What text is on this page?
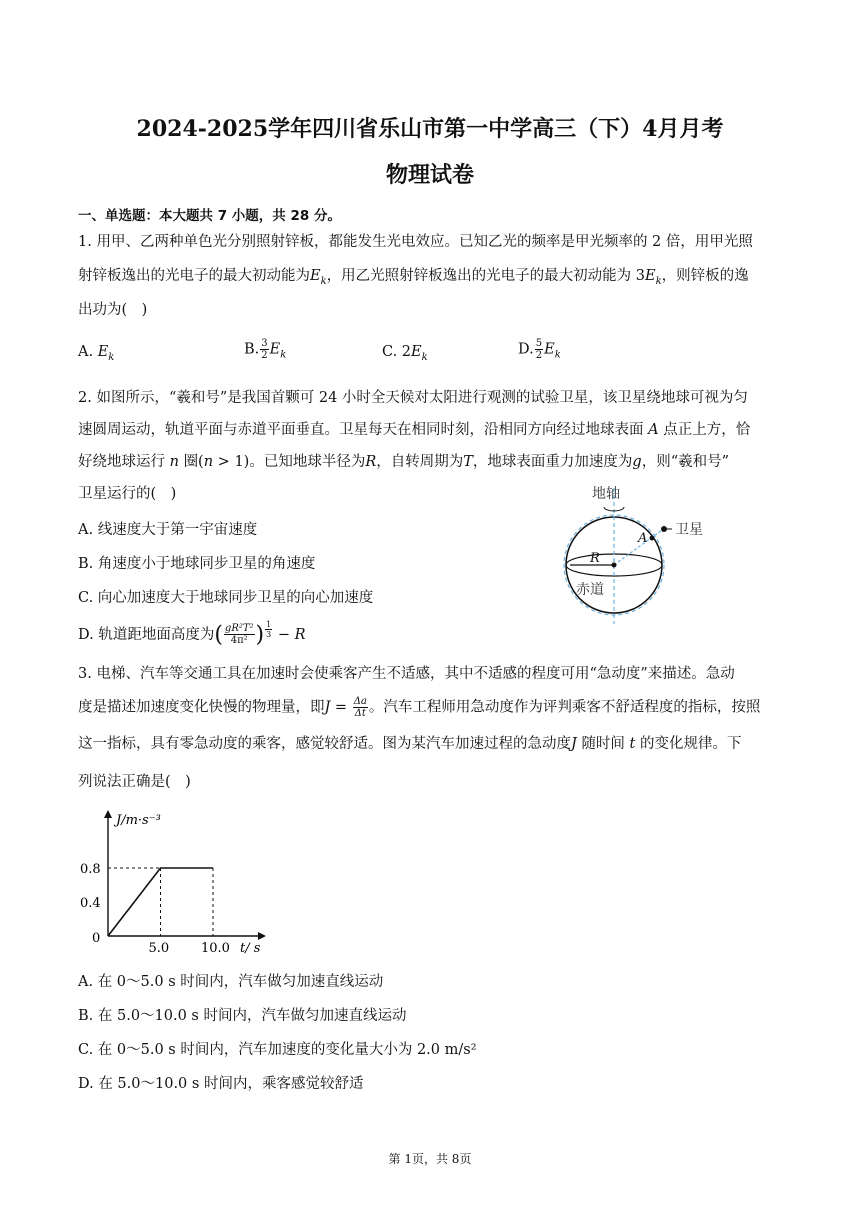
2024-2025学年四川省乐山市第一中学高三（下）4月月考
物理试卷
一、单选题：本大题共 7 小题，共 28 分。
1. 用甲、乙两种单色光分别照射锌板，都能发生光电效应。已知乙光的频率是甲光频率的 2 倍，用甲光照
射锌板逸出的光电子的最大初动能为$E_k$，用乙光照射锌板逸出的光电子的最大初动能为 $3E_k$，则锌板的逸
出功为(　)
A. $E_k$	B. $\frac{3}{2} E_k$	C. $2E_k$	D. $\frac{5}{2} E_k$
2. 如图所示，“羲和号”是我国首颗可 24 小时全天候对太阳进行观测的试验卫星，该卫星绕地球可视为匀
速圆周运动，轨道平面与赤道平面垂直。卫星每天在相同时刻，沿相同方向经过地球表面 A 点正上方，恰
好绕地球运行 n 圈(n > 1)。已知地球半径为R，自转周期为T，地球表面重力加速度为g，则“羲和号”
卫星运行的(　)
A. 线速度大于第一宇宙速度
B. 角速度小于地球同步卫星的角速度
C. 向心加速度大于地球同步卫星的向心加速度
D. 轨道距地面高度为( $\frac{\text{gR²T²}}{\text{4π²}}$ ) $^{\frac{1}{3}}$ − R
地轴
卫星
A
R
赤道
3. 电梯、汽车等交通工具在加速时会使乘客产生不适感，其中不适感的程度可用“急动度”来描述。急动
度是描述加速度变化快慢的物理量，即$J = \frac{\Delta a}{\Delta t}$ 。汽车工程师用急动度作为评判乘客不舒适程度的指标，按照
这一指标，具有零急动度的乘客，感觉较舒适。图为某汽车加速过程的急动度J 随时间 t 的变化规律。下
列说法正确是(　)
5.0 10.0
0.4
0.8
J/m·s⁻³
t/ s
0
A. 在 0～5.0 s 时间内，汽车做匀加速直线运动
B. 在 5.0～10.0 s 时间内，汽车做匀加速直线运动
C. 在 0～5.0 s 时间内，汽车加速度的变化量大小为 2.0 m/s²
D. 在 5.0～10.0 s 时间内，乘客感觉较舒适
第 1页，共 8页
